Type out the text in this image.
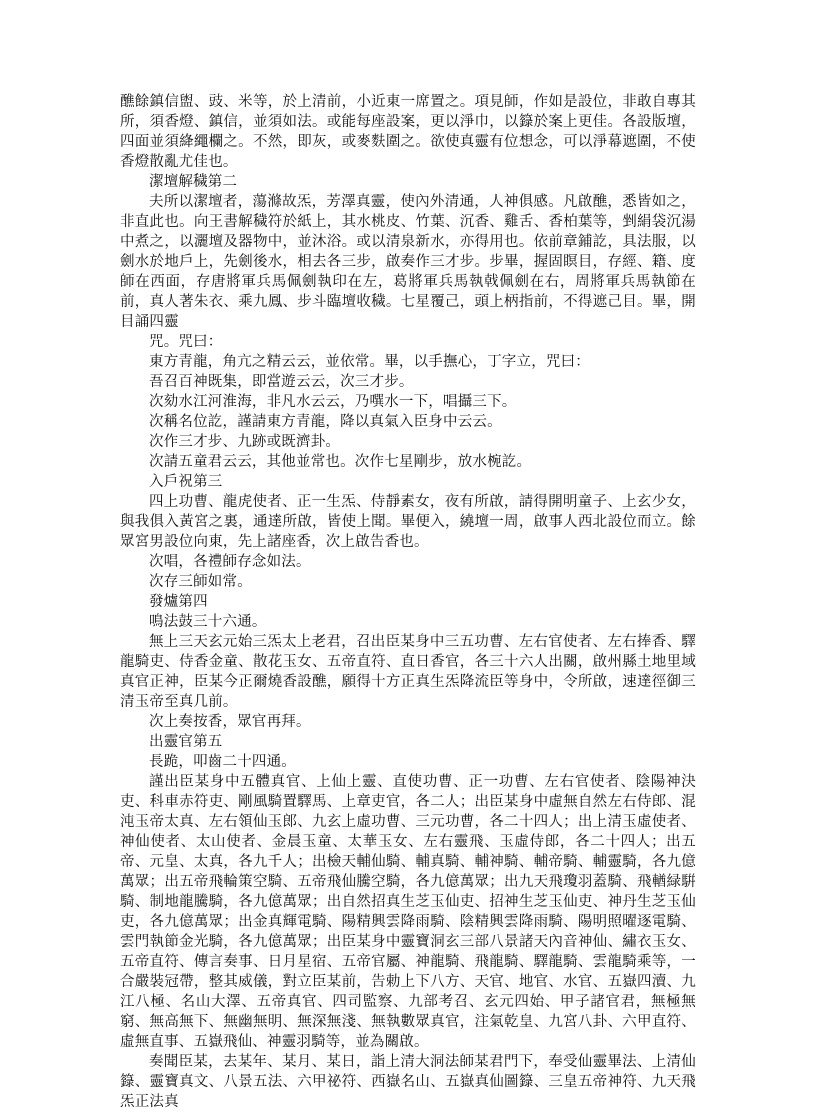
醮餘鎮信盥、豉、米等，於上清前，小近東一席置之。項見師，作如是設位，非敢自專其所，須香燈、鎮信，並須如法。或能每座設案，更以淨巾，以籙於案上更佳。各設版壇，四面並須絳繩欄之。不然，即灰，或麥麩圍之。欲使真靈有位想念，可以淨幕遮圍，不使香燈散亂尤佳也。

潔壇解穢第二

夫所以潔壇者，蕩滌故炁，芳澤真靈，使內外清通，人神俱感。凡啟醮，悉皆如之，非直此也。向王書解穢符於紙上，其水桃皮、竹葉、沉香、雞舌、香柏葉等，剉絹袋沉湯中煮之，以灑壇及器物中，並沐浴。或以清泉新水，亦得用也。依前章鋪訖，具法服，以劍水於地戶上，先劍後水，相去各三步，啟奏作三才步。步畢，握固瞑目，存經、籍、度師在西面，存唐將軍兵馬佩劍執印在左，葛將軍兵馬執戟佩劍在右，周將軍兵馬執節在前，真人著朱衣、乘九鳳、步斗臨壇收穢。七星覆己，頭上柄指前，不得遮己目。畢，開目誦四靈

咒。咒曰：

東方青龍，角亢之精云云，並依常。畢，以手撫心，丁字立，咒曰：

吾召百神既集，即當遊云云，次三才步。

次劾水江河淮海，非凡水云云，乃噀水一下，唱攝三下。

次稱名位訖，謹請東方青龍，降以真氣入臣身中云云。

次作三才步、九跡或既濟卦。

次請五童君云云，其他並常也。次作七星剛步，放水椀訖。

入戶祝第三

四上功曹、龍虎使者、正一生炁、侍靜素女，夜有所啟，請得開明童子、上玄少女，與我俱入黃宮之裏，通達所啟，皆使上聞。畢便入，繞壇一周，啟事人西北設位而立。餘眾宮男設位向東，先上諸座香，次上啟告香也。

次唱，各禮師存念如法。

次存三師如常。

發爐第四

鳴法鼓三十六通。

無上三天玄元始三炁太上老君，召出臣某身中三五功曹、左右官使者、左右捧香、驛龍騎吏、侍香金童、散花玉女、五帝直符、直日香官，各三十六人出關，啟州縣土地里域真官正神，臣某今正爾燒香設醮，願得十方正真生炁降流臣等身中，令所啟，速達徑御三清玉帝至真几前。

次上奏按香，眾官再拜。

出靈官第五

長跪，叩齒二十四通。

謹出臣某身中五體真官、上仙上靈、直使功曹、正一功曹、左右官使者、陰陽神決吏、科車赤符吏、剛風騎置驛馬、上章吏官，各二人；出臣某身中虛無自然左右侍郎、混沌玉帝太真、左右領仙玉郎、九玄上虛功曹、三元功曹，各二十四人；出上清玉虛使者、神仙使者、太山使者、金晨玉童、太華玉女、左右靈飛、玉虛侍郎，各二十四人；出五帝、元皇、太真，各九千人；出檢天輔仙騎、輔真騎、輔神騎、輔帝騎、輔靈騎，各九億萬眾；出五帝飛輪策空騎、五帝飛仙騰空騎，各九億萬眾；出九天飛瓊羽蓋騎、飛輶緑騈騎、制地龍騰騎，各九億萬眾；出自然招真生芝玉仙吏、招神生芝玉仙吏、神丹生芝玉仙吏，各九億萬眾；出金真輝電騎、陽精興雲降雨騎、陰精興雲降雨騎、陽明照曜逐電騎、雲門執節金光騎，各九億萬眾；出臣某身中靈寶洞玄三部八景諸天內音神仙、繡衣玉女、五帝直符、傳言奏事、日月星宿、五帝官屬、神龍騎、飛龍騎、驛龍騎、雲龍騎乘等，一合嚴裝冠帶，整其威儀，對立臣某前，告勅上下八方、天官、地官、水官、五嶽四瀆、九江八極、名山大澤、五帝真官、四司監察、九部考召、玄元四始、甲子諸官君，無極無窮、無高無下、無幽無明、無深無淺、無執數眾真官，注氣乾皇、九宮八卦、六甲直符、虛無直事、五嶽飛仙、神靈羽騎等，並為關啟。

奏聞臣某，去某年、某月、某日，詣上清大洞法師某君門下，奉受仙靈畢法、上清仙籙、靈寶真文、八景五法、六甲祕符、西嶽名山、五嶽真仙圖籙、三皇五帝神符、九天飛炁正法真
